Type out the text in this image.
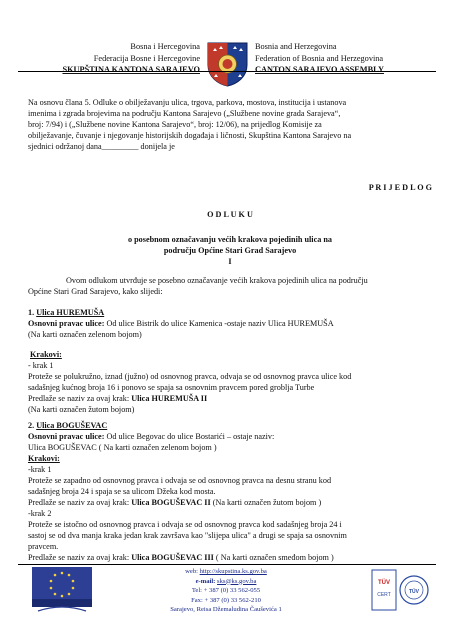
Bosna i Hercegovina
Federacija Bosne i Hercegovine
SKUPŠTINA KANTONA SARAJEVO
Bosnia and Herzegovina
Federation of Bosnia and Herzegovina
CANTON SARAJEVO ASSEMBLY
Na osnovu člana 5. Odluke o obilježavanju ulica, trgova, parkova, mostova, institucija i ustanova
imenima i zgrada brojevima na području Kantona Sarajevo („Službene novine grada Sarajeva“,
broj: 7/94) i („Službene novine Kantona Sarajevo“, broj: 12/06), na prijedlog Komisije za
obilježavanje, čuvanje i njegovanje historijskih događaja i ličnosti, Skupština Kantona Sarajevo na
sjednici održanoj dana_________ donijela je
P R I J E D L O G
O D L U K U
o posebnom označavanju većih krakova pojedinih ulica na
području Općine Stari Grad Sarajevo
I
Ovom odlukom utvrđuje se posebno označavanje većih krakova pojedinih ulica na području
Općine Stari Grad Sarajevo, kako slijedi:
1. Ulica HUREMUŠA
Osnovni pravac ulice: Od ulice Bistrik do ulice Kamenica -ostaje naziv Ulica HUREMUŠA
(Na karti označen zelenom bojom)
Krakovi:
- krak 1
Proteže se polukružno, iznad (južno) od osnovnog pravca, odvaja se od osnovnog pravca ulice kod
sadašnjeg kućnog broja 16 i ponovo se spaja sa osnovnim pravcem pored groblja Turbe
Predlaže se naziv za ovaj krak: Ulica HUREMUŠA II
(Na karti označen žutom bojom)
2. Ulica BOGUŠEVAC
Osnovni pravac ulice: Od ulice Begovac do ulice Bostarići – ostaje naziv:
Ulica BOGUŠEVAC ( Na karti označen zelenom bojom )
Krakovi:
-krak 1
Proteže se zapadno od osnovnog pravca i odvaja se od osnovnog pravca na desnu stranu kod
sadašnjeg broja 24 i spaja se sa ulicom Džeka kod mosta.
Predlaže se naziv za ovaj krak: Ulica BOGUŠEVAC II (Na karti označen žutom bojom )
-krak 2
Proteže se istočno od osnovnog pravca i odvaja se od osnovnog pravca kod sadašnjeg broja 24 i
sastoj se od dva manja kraka jedan krak završava kao "slijepa ulica" a drugi se spaja sa osnovnim
pravcem.
Predlaže se naziv za ovaj krak: Ulica BOGUŠEVAC III ( Na karti označen smeđom bojom )
web: http://skupstina.ks.gov.ba
e-mail: sks@ks.gov.ba
Tel: + 387 (0) 33 562-055
Fax: + 387 (0) 33 562-210
Sarajevo, Reisa Džemaludina Čauševića 1
TÜV
CERT	TÜV
